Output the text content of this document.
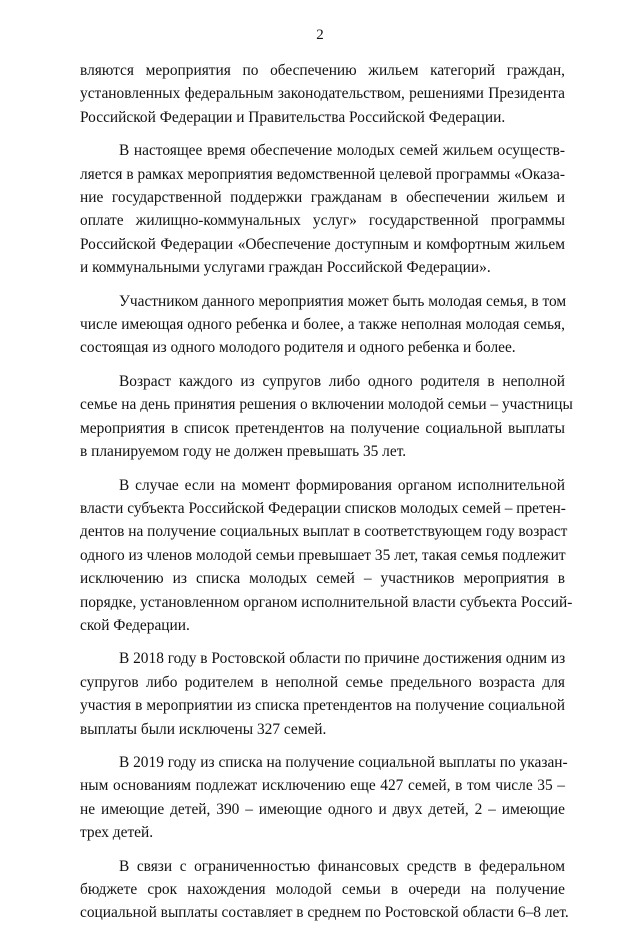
2

вляются мероприятия по обеспечению жильем категорий граждан,
установленных федеральным законодательством, решениями Президента
Российской Федерации и Правительства Российской Федерации.

В настоящее время обеспечение молодых семей жильем осуществ-
ляется в рамках мероприятия ведомственной целевой программы «Оказа-
ние государственной поддержки гражданам в обеспечении жильем и
оплате жилищно-коммунальных услуг» государственной программы
Российской Федерации «Обеспечение доступным и комфортным жильем
и коммунальными услугами граждан Российской Федерации».

Участником данного мероприятия может быть молодая семья, в том
числе имеющая одного ребенка и более, а также неполная молодая семья,
состоящая из одного молодого родителя и одного ребенка и более.

Возраст каждого из супругов либо одного родителя в неполной
семье на день принятия решения о включении молодой семьи – участницы
мероприятия в список претендентов на получение социальной выплаты
в планируемом году не должен превышать 35 лет.

В случае если на момент формирования органом исполнительной
власти субъекта Российской Федерации списков молодых семей – претен-
дентов на получение социальных выплат в соответствующем году возраст
одного из членов молодой семьи превышает 35 лет, такая семья подлежит
исключению из списка молодых семей – участников мероприятия в
порядке, установленном органом исполнительной власти субъекта Россий-
ской Федерации.

В 2018 году в Ростовской области по причине достижения одним из
супругов либо родителем в неполной семье предельного возраста для
участия в мероприятии из списка претендентов на получение социальной
выплаты были исключены 327 семей.

В 2019 году из списка на получение социальной выплаты по указан-
ным основаниям подлежат исключению еще 427 семей, в том числе 35 –
не имеющие детей, 390 – имеющие одного и двух детей, 2 – имеющие
трех детей.

В связи с ограниченностью финансовых средств в федеральном
бюджете срок нахождения молодой семьи в очереди на получение
социальной выплаты составляет в среднем по Ростовской области 6–8 лет.
